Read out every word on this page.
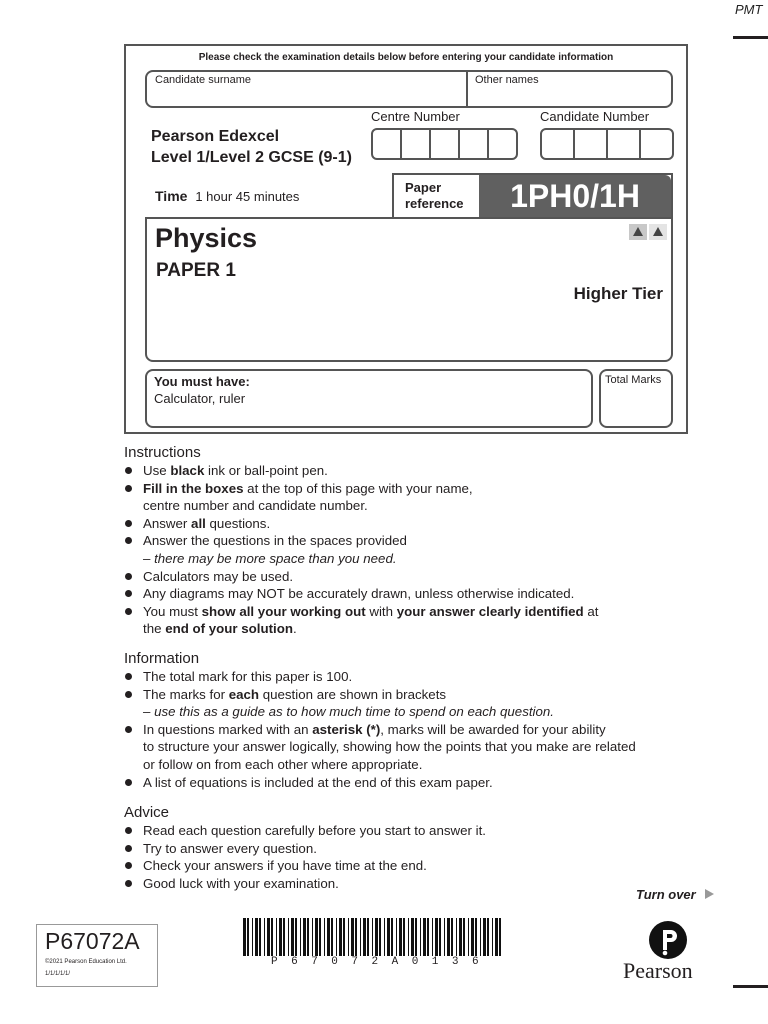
PMT
Please check the examination details below before entering your candidate information
Candidate surname	Other names
Centre Number	Candidate Number
Pearson Edexcel
Level 1/Level 2 GCSE (9-1)
Time 1 hour 45 minutes
Paper
reference	1PH0/1H
Physics
PAPER 1
Higher Tier
You must have:
Calculator, ruler
Total Marks
Instructions
Use black ink or ball-point pen.
Fill in the boxes at the top of this page with your name,
centre number and candidate number.
Answer all questions.
Answer the questions in the spaces provided
– there may be more space than you need.
Calculators may be used.
Any diagrams may NOT be accurately drawn, unless otherwise indicated.
You must show all your working out with your answer clearly identified at
the end of your solution.
Information
The total mark for this paper is 100.
The marks for each question are shown in brackets
– use this as a guide as to how much time to spend on each question.
In questions marked with an asterisk (*), marks will be awarded for your ability
to structure your answer logically, showing how the points that you make are related
or follow on from each other where appropriate.
A list of equations is included at the end of this exam paper.
Advice
Read each question carefully before you start to answer it.
Try to answer every question.
Check your answers if you have time at the end.
Good luck with your examination.
Turn over
P67072A
©2021 Pearson Education Ltd.
1/1/1/1/1/
P67072A0136	Pearson
